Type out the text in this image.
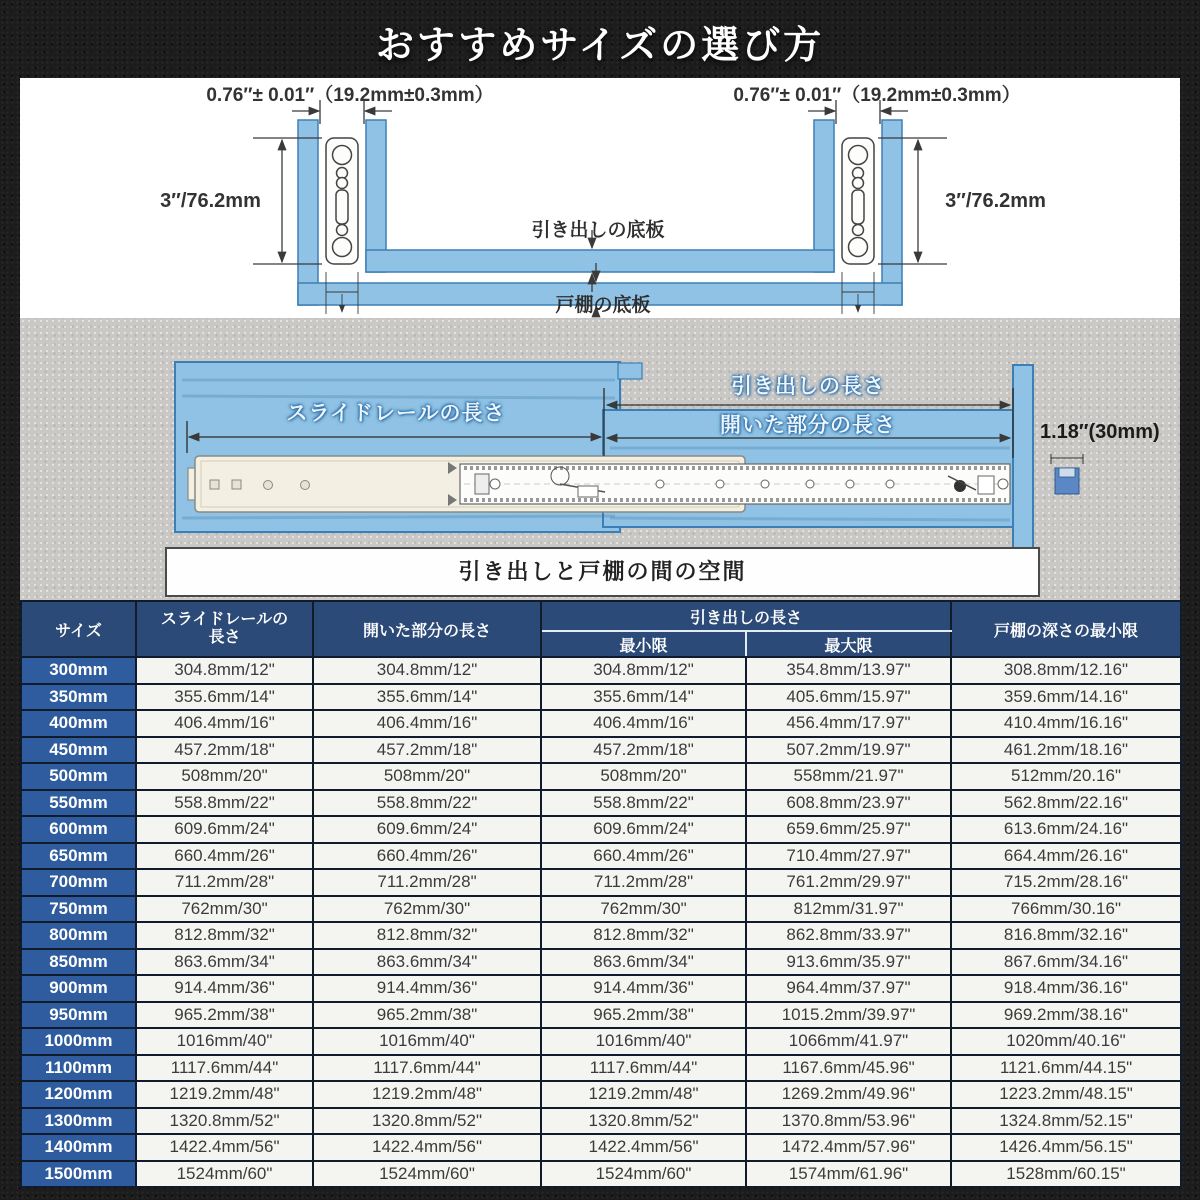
おすすめサイズの選び方
0.76″± 0.01″（19.2mm±0.3mm）	0.76″± 0.01″（19.2mm±0.3mm）
3″/76.2mm	3″/76.2mm
引き出しの底板
戸棚の底板
スライドレールの長さ
引き出しの長さ
開いた部分の長さ	1.18″(30mm)
引き出しと戸棚の間の空間
サイズ	スライドレールの長さ	開いた部分の長さ	引き出しの長さ		戸棚の深さの最小限
			最小限	最大限	
300mm	304.8mm/12"	304.8mm/12"	304.8mm/12"	354.8mm/13.97"	308.8mm/12.16"
350mm	355.6mm/14"	355.6mm/14"	355.6mm/14"	405.6mm/15.97"	359.6mm/14.16"
400mm	406.4mm/16"	406.4mm/16"	406.4mm/16"	456.4mm/17.97"	410.4mm/16.16"
450mm	457.2mm/18"	457.2mm/18"	457.2mm/18"	507.2mm/19.97"	461.2mm/18.16"
500mm	508mm/20"	508mm/20"	508mm/20"	558mm/21.97"	512mm/20.16"
550mm	558.8mm/22"	558.8mm/22"	558.8mm/22"	608.8mm/23.97"	562.8mm/22.16"
600mm	609.6mm/24"	609.6mm/24"	609.6mm/24"	659.6mm/25.97"	613.6mm/24.16"
650mm	660.4mm/26"	660.4mm/26"	660.4mm/26"	710.4mm/27.97"	664.4mm/26.16"
700mm	711.2mm/28"	711.2mm/28"	711.2mm/28"	761.2mm/29.97"	715.2mm/28.16"
750mm	762mm/30"	762mm/30"	762mm/30"	812mm/31.97"	766mm/30.16"
800mm	812.8mm/32"	812.8mm/32"	812.8mm/32"	862.8mm/33.97"	816.8mm/32.16"
850mm	863.6mm/34"	863.6mm/34"	863.6mm/34"	913.6mm/35.97"	867.6mm/34.16"
900mm	914.4mm/36"	914.4mm/36"	914.4mm/36"	964.4mm/37.97"	918.4mm/36.16"
950mm	965.2mm/38"	965.2mm/38"	965.2mm/38"	1015.2mm/39.97"	969.2mm/38.16"
1000mm	1016mm/40"	1016mm/40"	1016mm/40"	1066mm/41.97"	1020mm/40.16"
1100mm	1117.6mm/44"	1117.6mm/44"	1117.6mm/44"	1167.6mm/45.96"	1121.6mm/44.15"
1200mm	1219.2mm/48"	1219.2mm/48"	1219.2mm/48"	1269.2mm/49.96"	1223.2mm/48.15"
1300mm	1320.8mm/52"	1320.8mm/52"	1320.8mm/52"	1370.8mm/53.96"	1324.8mm/52.15"
1400mm	1422.4mm/56"	1422.4mm/56"	1422.4mm/56"	1472.4mm/57.96"	1426.4mm/56.15"
1500mm	1524mm/60"	1524mm/60"	1524mm/60"	1574mm/61.96"	1528mm/60.15"
